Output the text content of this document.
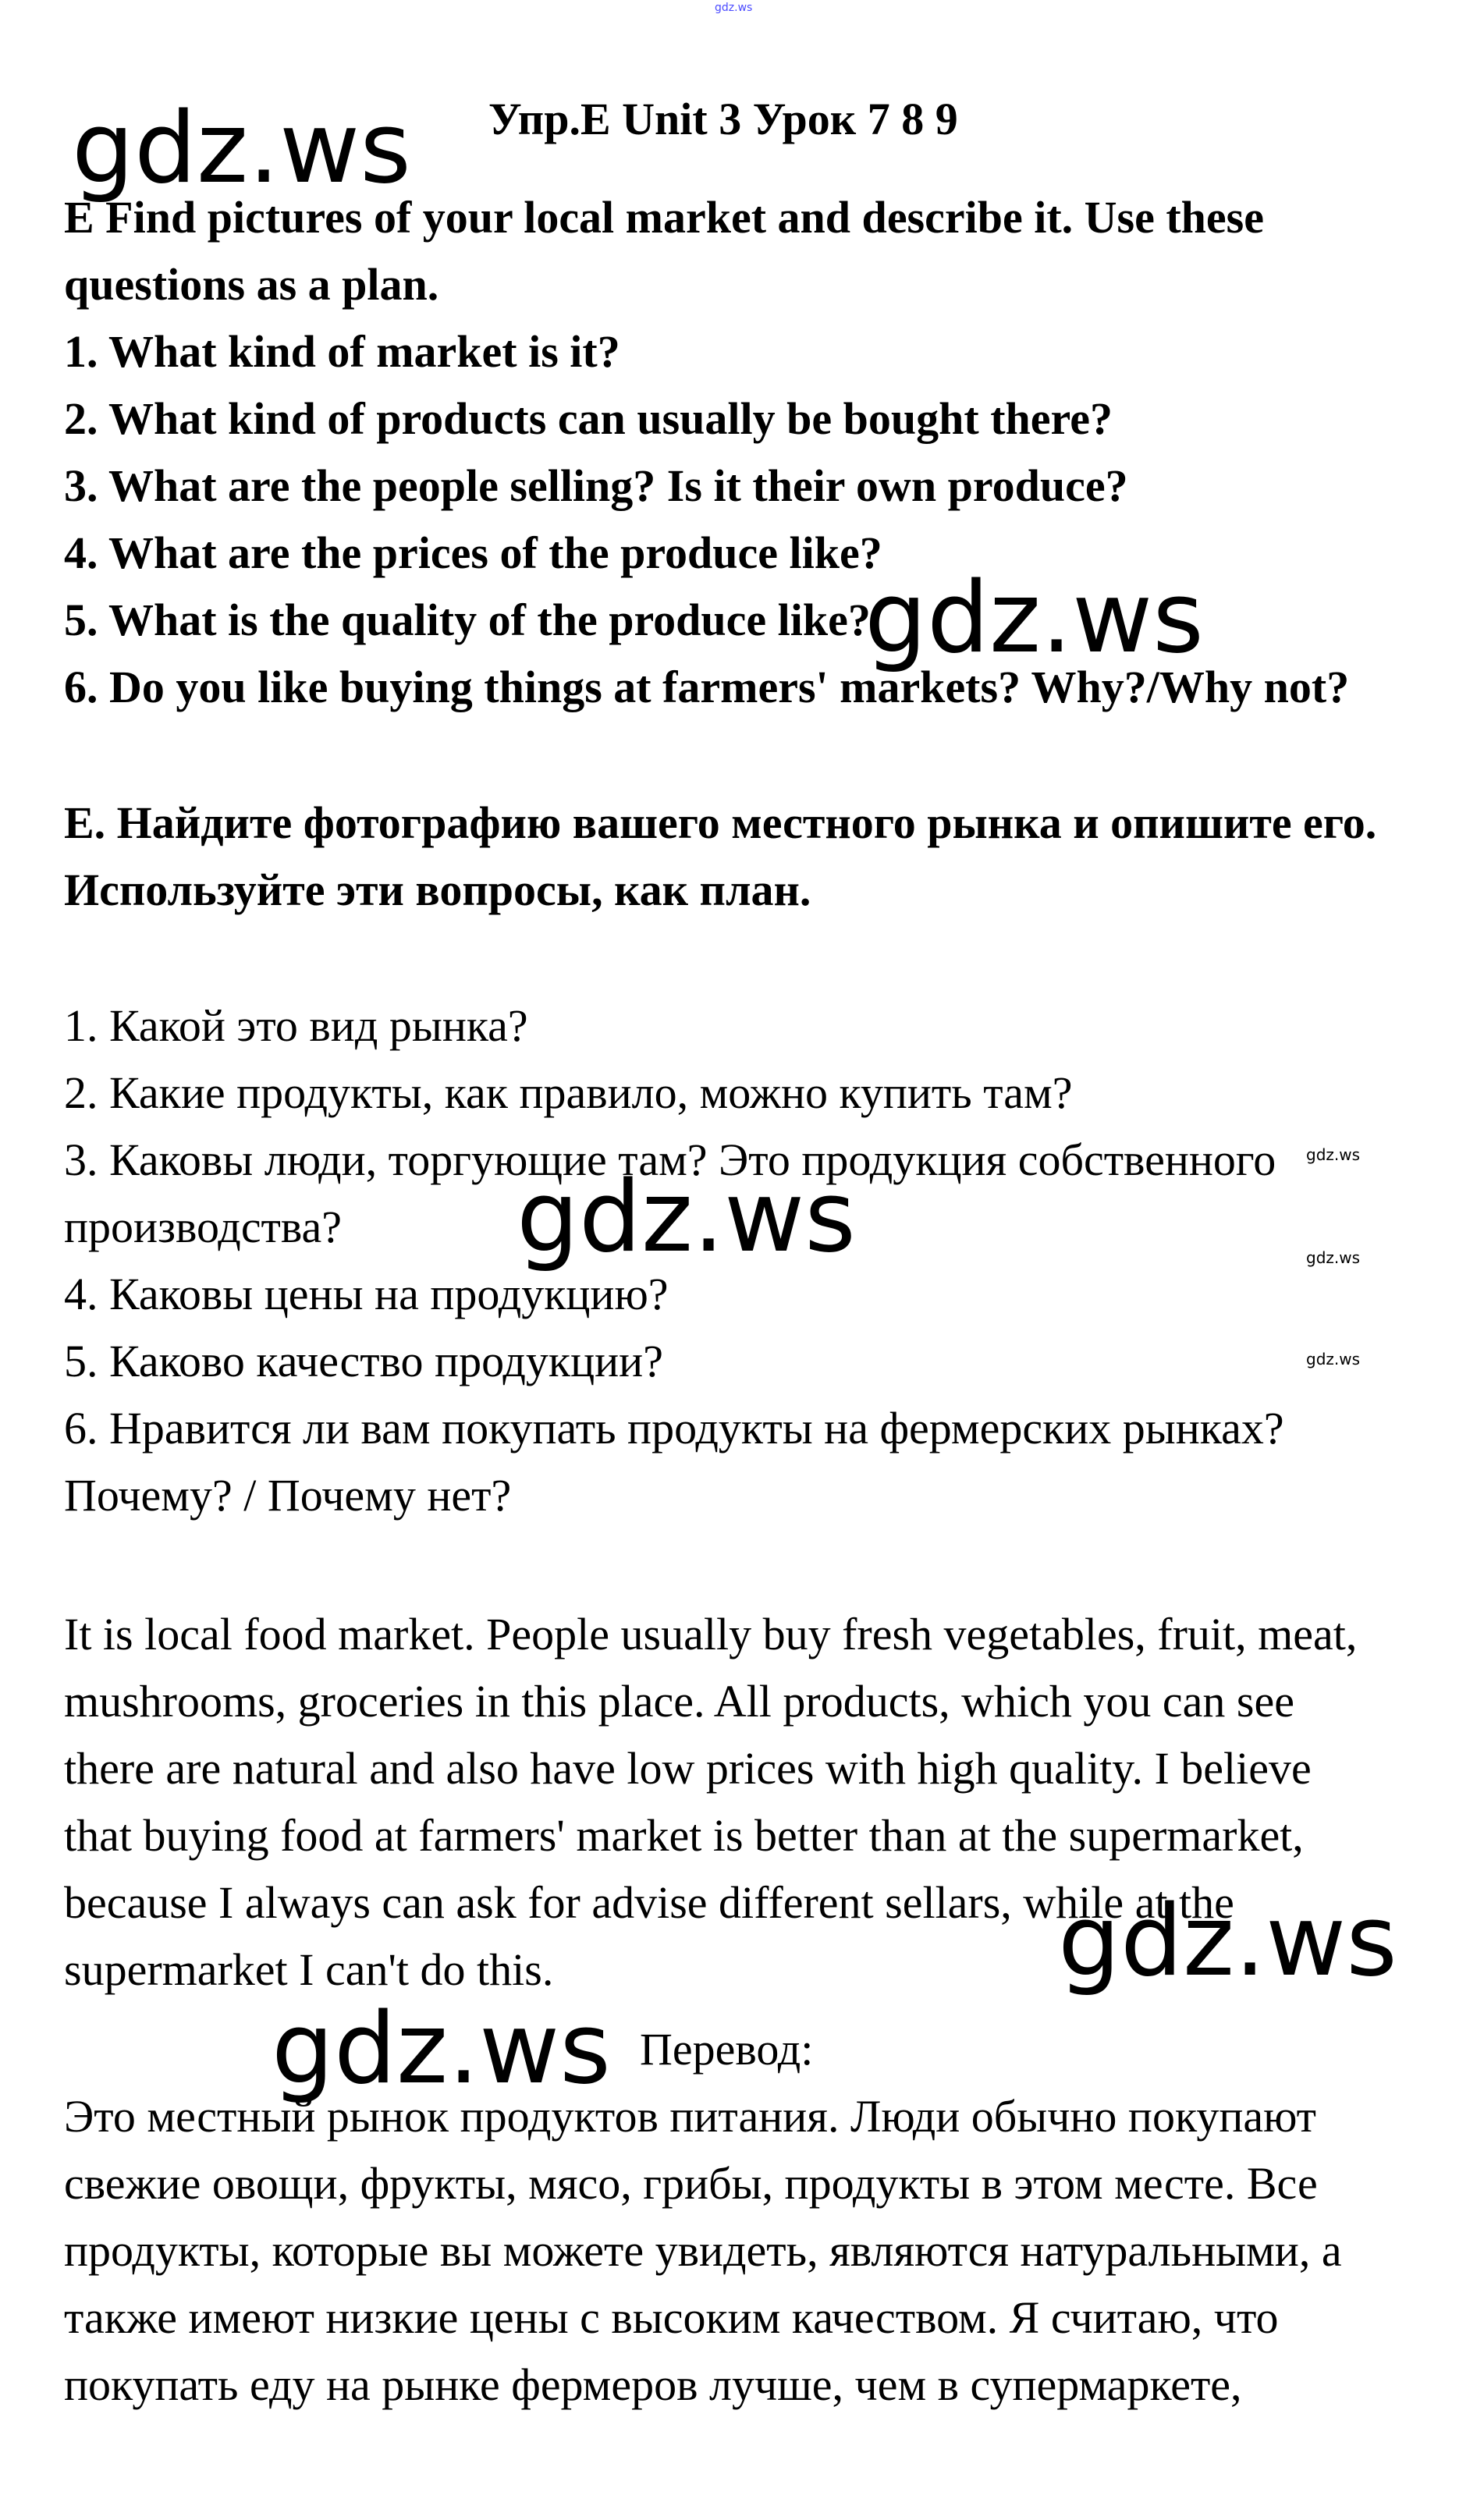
gdz.ws
Упр.E Unit 3 Урок 7 8 9
E Find pictures of your local market and describe it. Use these
questions as a plan.
1. What kind of market is it?
2. What kind of products can usually be bought there?
3. What are the people selling? Is it their own produce?
4. What are the prices of the produce like?
5. What is the quality of the produce like?
6. Do you like buying things at farmers' markets? Why?/Why not?
E. Найдите фотографию вашего местного рынка и опишите его.
Используйте эти вопросы, как план.
1. Какой это вид рынка?
2. Какие продукты, как правило, можно купить там?
3. Каковы люди, торгующие там? Это продукция собственного
производства?
4. Каковы цены на продукцию?
5. Каково качество продукции?
6. Нравится ли вам покупать продукты на фермерских рынках?
Почему? / Почему нет?
It is local food market. People usually buy fresh vegetables, fruit, meat,
mushrooms, groceries in this place. All products, which you can see
there are natural and also have low prices with high quality. I believe
that buying food at farmers' market is better than at the supermarket,
because I always can ask for advise different sellars, while at the
supermarket I can't do this.
Перевод:
Это местный рынок продуктов питания. Люди обычно покупают
свежие овощи, фрукты, мясо, грибы, продукты в этом месте. Все
продукты, которые вы можете увидеть, являются натуральными, а
также имеют низкие цены с высоким качеством. Я считаю, что
покупать еду на рынке фермеров лучше, чем в супермаркете,
gdz.ws
gdz.ws
gdz.ws
gdz.ws
gdz.ws
gdz.ws
gdz.ws
gdz.ws
